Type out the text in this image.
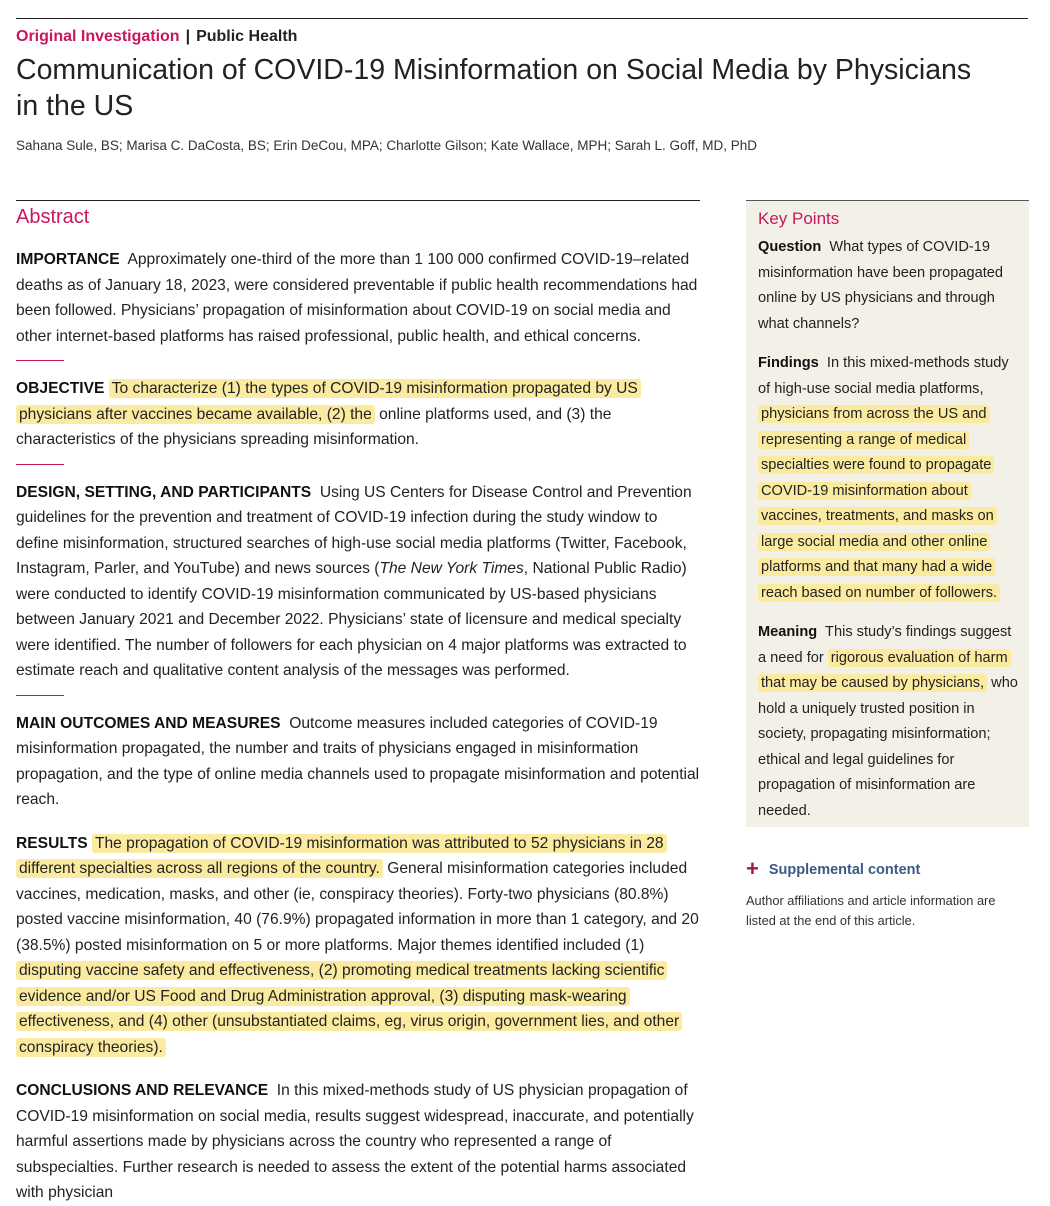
Original Investigation | Public Health
Communication of COVID-19 Misinformation on Social Media by Physicians in the US
Sahana Sule, BS; Marisa C. DaCosta, BS; Erin DeCou, MPA; Charlotte Gilson; Kate Wallace, MPH; Sarah L. Goff, MD, PhD
Abstract

IMPORTANCE Approximately one-third of the more than 1 100 000 confirmed COVID-19–related deaths as of January 18, 2023, were considered preventable if public health recommendations had been followed. Physicians’ propagation of misinformation about COVID-19 on social media and other internet-based platforms has raised professional, public health, and ethical concerns.

OBJECTIVE To characterize (1) the types of COVID-19 misinformation propagated by US physicians after vaccines became available, (2) the online platforms used, and (3) the characteristics of the physicians spreading misinformation.

DESIGN, SETTING, AND PARTICIPANTS Using US Centers for Disease Control and Prevention guidelines for the prevention and treatment of COVID-19 infection during the study window to define misinformation, structured searches of high-use social media platforms (Twitter, Facebook, Instagram, Parler, and YouTube) and news sources (The New York Times, National Public Radio) were conducted to identify COVID-19 misinformation communicated by US-based physicians between January 2021 and December 2022. Physicians’ state of licensure and medical specialty were identified. The number of followers for each physician on 4 major platforms was extracted to estimate reach and qualitative content analysis of the messages was performed.

MAIN OUTCOMES AND MEASURES Outcome measures included categories of COVID-19 misinformation propagated, the number and traits of physicians engaged in misinformation propagation, and the type of online media channels used to propagate misinformation and potential reach.

RESULTS The propagation of COVID-19 misinformation was attributed to 52 physicians in 28 different specialties across all regions of the country. General misinformation categories included vaccines, medication, masks, and other (ie, conspiracy theories). Forty-two physicians (80.8%) posted vaccine misinformation, 40 (76.9%) propagated information in more than 1 category, and 20 (38.5%) posted misinformation on 5 or more platforms. Major themes identified included (1) disputing vaccine safety and effectiveness, (2) promoting medical treatments lacking scientific evidence and/or US Food and Drug Administration approval, (3) disputing mask-wearing effectiveness, and (4) other (unsubstantiated claims, eg, virus origin, government lies, and other conspiracy theories).

CONCLUSIONS AND RELEVANCE In this mixed-methods study of US physician propagation of COVID-19 misinformation on social media, results suggest widespread, inaccurate, and potentially harmful assertions made by physicians across the country who represented a range of subspecialties. Further research is needed to assess the extent of the potential harms associated with physician

Key Points

Question What types of COVID-19 misinformation have been propagated online by US physicians and through what channels?

Findings In this mixed-methods study of high-use social media platforms, physicians from across the US and representing a range of medical specialties were found to propagate COVID-19 misinformation about vaccines, treatments, and masks on large social media and other online platforms and that many had a wide reach based on number of followers.

Meaning This study’s findings suggest a need for rigorous evaluation of harm that may be caused by physicians, who hold a uniquely trusted position in society, propagating misinformation; ethical and legal guidelines for propagation of misinformation are needed.

+ Supplemental content
Author affiliations and article information are listed at the end of this article.
